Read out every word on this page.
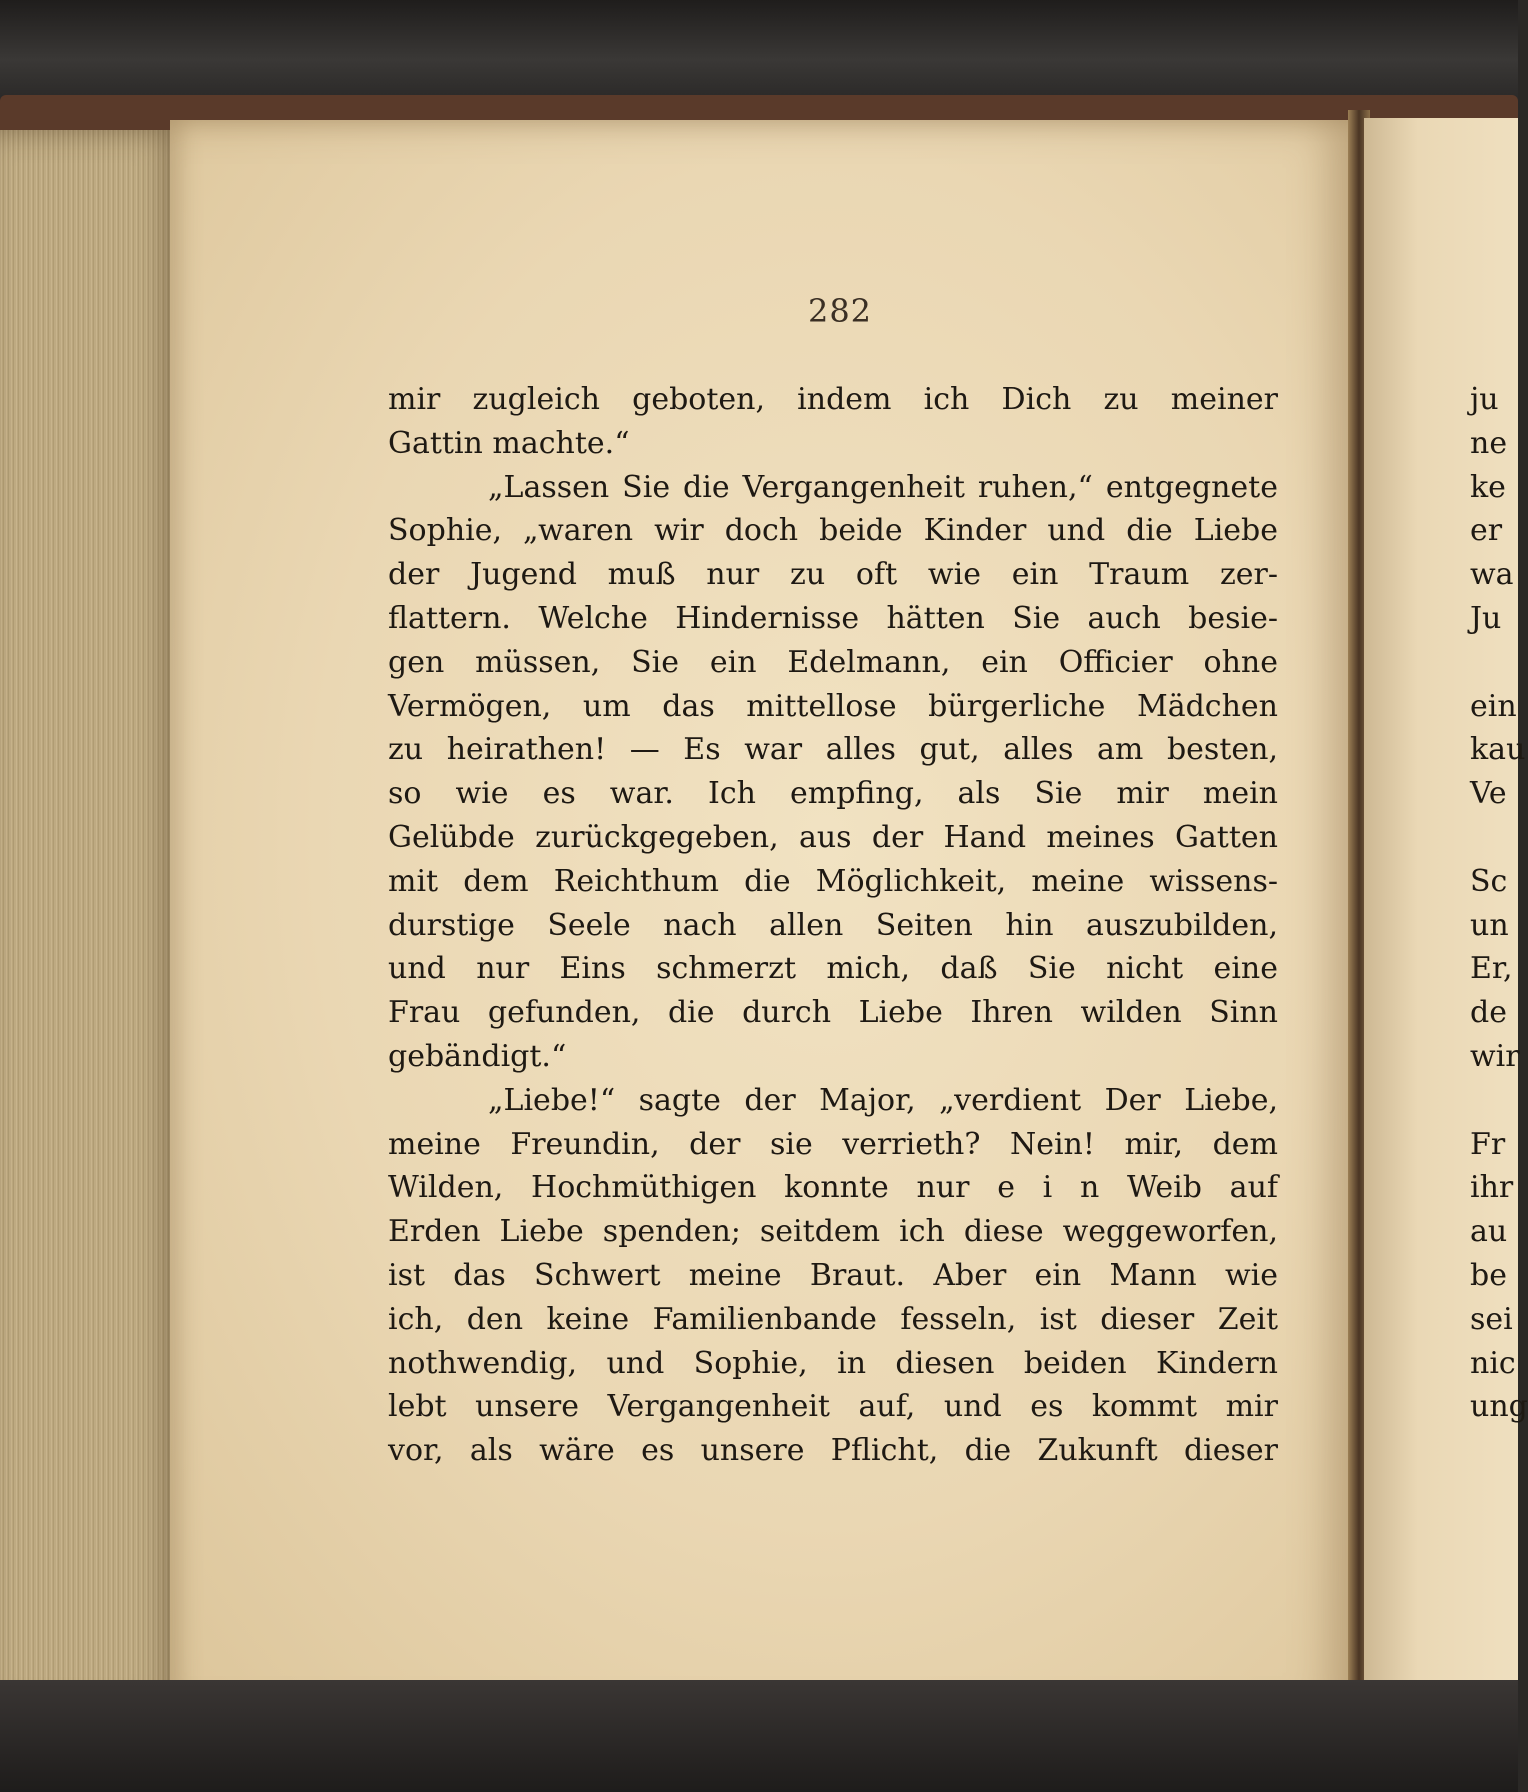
282
mir zugleich geboten, indem ich Dich zu meiner
Gattin machte.“
„Lassen Sie die Vergangenheit ruhen,“ entgegnete
Sophie, „waren wir doch beide Kinder und die Liebe
der Jugend muß nur zu oft wie ein Traum zer-
flattern. Welche Hindernisse hätten Sie auch besie-
gen müssen, Sie ein Edelmann, ein Officier ohne
Vermögen, um das mittellose bürgerliche Mädchen
zu heirathen! — Es war alles gut, alles am besten,
so wie es war. Ich empfing, als Sie mir mein
Gelübde zurückgegeben, aus der Hand meines Gatten
mit dem Reichthum die Möglichkeit, meine wissens-
durstige Seele nach allen Seiten hin auszubilden,
und nur Eins schmerzt mich, daß Sie nicht eine
Frau gefunden, die durch Liebe Ihren wilden Sinn
gebändigt.“
„Liebe!“ sagte der Major, „verdient Der Liebe,
meine Freundin, der sie verrieth? Nein! mir, dem
Wilden, Hochmüthigen konnte nur e i n Weib auf
Erden Liebe spenden; seitdem ich diese weggeworfen,
ist das Schwert meine Braut. Aber ein Mann wie
ich, den keine Familienbande fesseln, ist dieser Zeit
nothwendig, und Sophie, in diesen beiden Kindern
lebt unsere Vergangenheit auf, und es kommt mir
vor, als wäre es unsere Pflicht, die Zukunft dieser
ju
ne
ke
er
wa
Ju
ein
kau
Ve
Sc
un
Er,
de
wir
Fr
ihr
au
be
sei
nic
ung
